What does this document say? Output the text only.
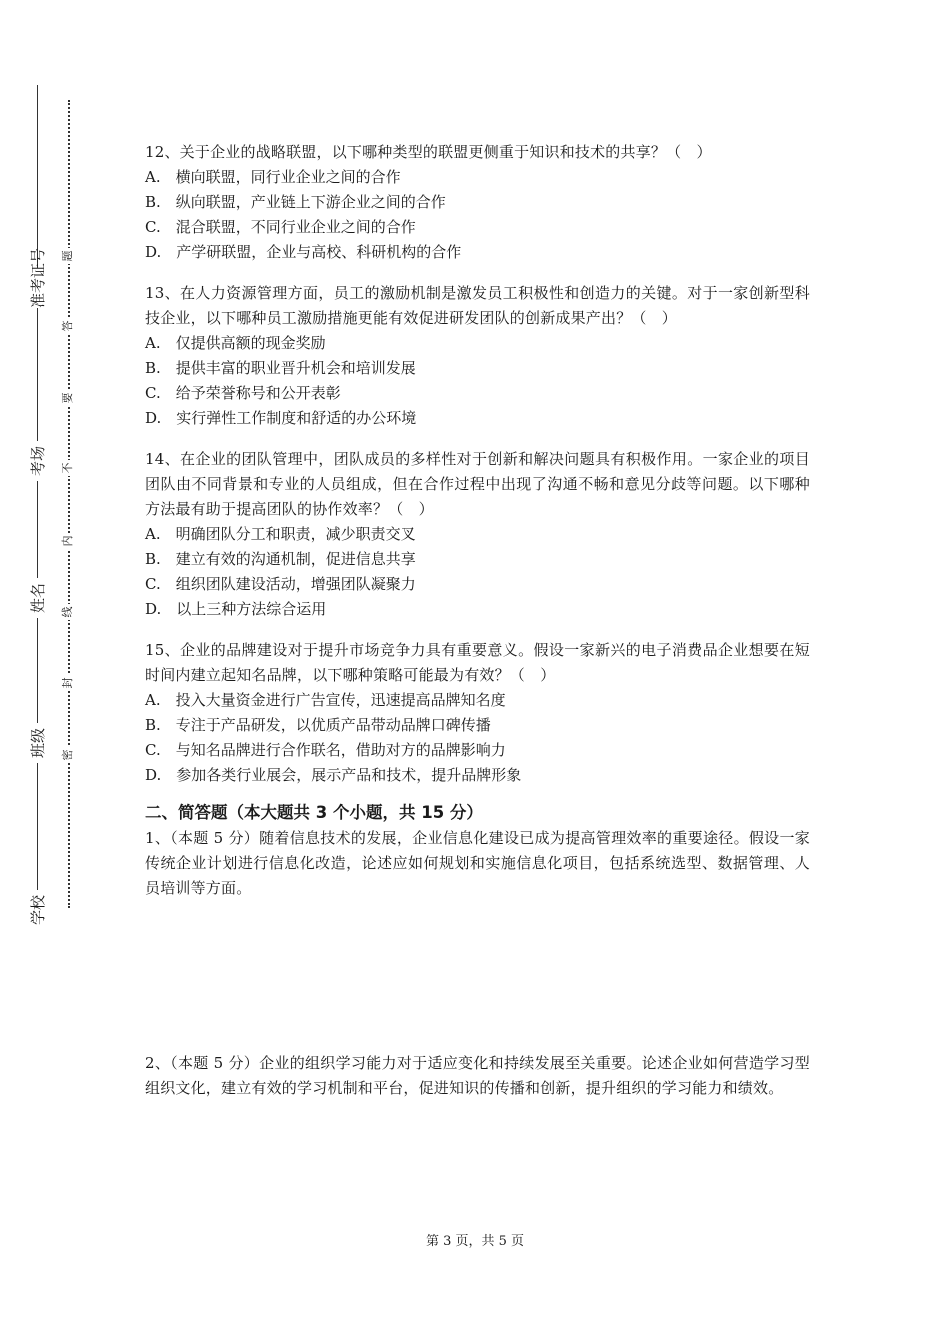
准考证号
考场
姓名
班级
学校
题
答
要
不
内
线
封
密

12、关于企业的战略联盟，以下哪种类型的联盟更侧重于知识和技术的共享？（　）

A.　横向联盟，同行业企业之间的合作

B.　纵向联盟，产业链上下游企业之间的合作

C.　混合联盟，不同行业企业之间的合作

D.　产学研联盟，企业与高校、科研机构的合作

13、在人力资源管理方面，员工的激励机制是激发员工积极性和创造力的关键。对于一家创新型科技企业，以下哪种员工激励措施更能有效促进研发团队的创新成果产出？（　）

A.　仅提供高额的现金奖励

B.　提供丰富的职业晋升机会和培训发展

C.　给予荣誉称号和公开表彰

D.　实行弹性工作制度和舒适的办公环境

14、在企业的团队管理中，团队成员的多样性对于创新和解决问题具有积极作用。一家企业的项目团队由不同背景和专业的人员组成，但在合作过程中出现了沟通不畅和意见分歧等问题。以下哪种方法最有助于提高团队的协作效率？（　）

A.　明确团队分工和职责，减少职责交叉

B.　建立有效的沟通机制，促进信息共享

C.　组织团队建设活动，增强团队凝聚力

D.　以上三种方法综合运用

15、企业的品牌建设对于提升市场竞争力具有重要意义。假设一家新兴的电子消费品企业想要在短时间内建立起知名品牌，以下哪种策略可能最为有效？（　）

A.　投入大量资金进行广告宣传，迅速提高品牌知名度

B.　专注于产品研发，以优质产品带动品牌口碑传播

C.　与知名品牌进行合作联名，借助对方的品牌影响力

D.　参加各类行业展会，展示产品和技术，提升品牌形象

二、简答题（本大题共 3 个小题，共 15 分）

1、（本题 5 分）随着信息技术的发展，企业信息化建设已成为提高管理效率的重要途径。假设一家传统企业计划进行信息化改造，论述应如何规划和实施信息化项目，包括系统选型、数据管理、人员培训等方面。

2、（本题 5 分）企业的组织学习能力对于适应变化和持续发展至关重要。论述企业如何营造学习型组织文化，建立有效的学习机制和平台，促进知识的传播和创新，提升组织的学习能力和绩效。

第 3 页，共 5 页
